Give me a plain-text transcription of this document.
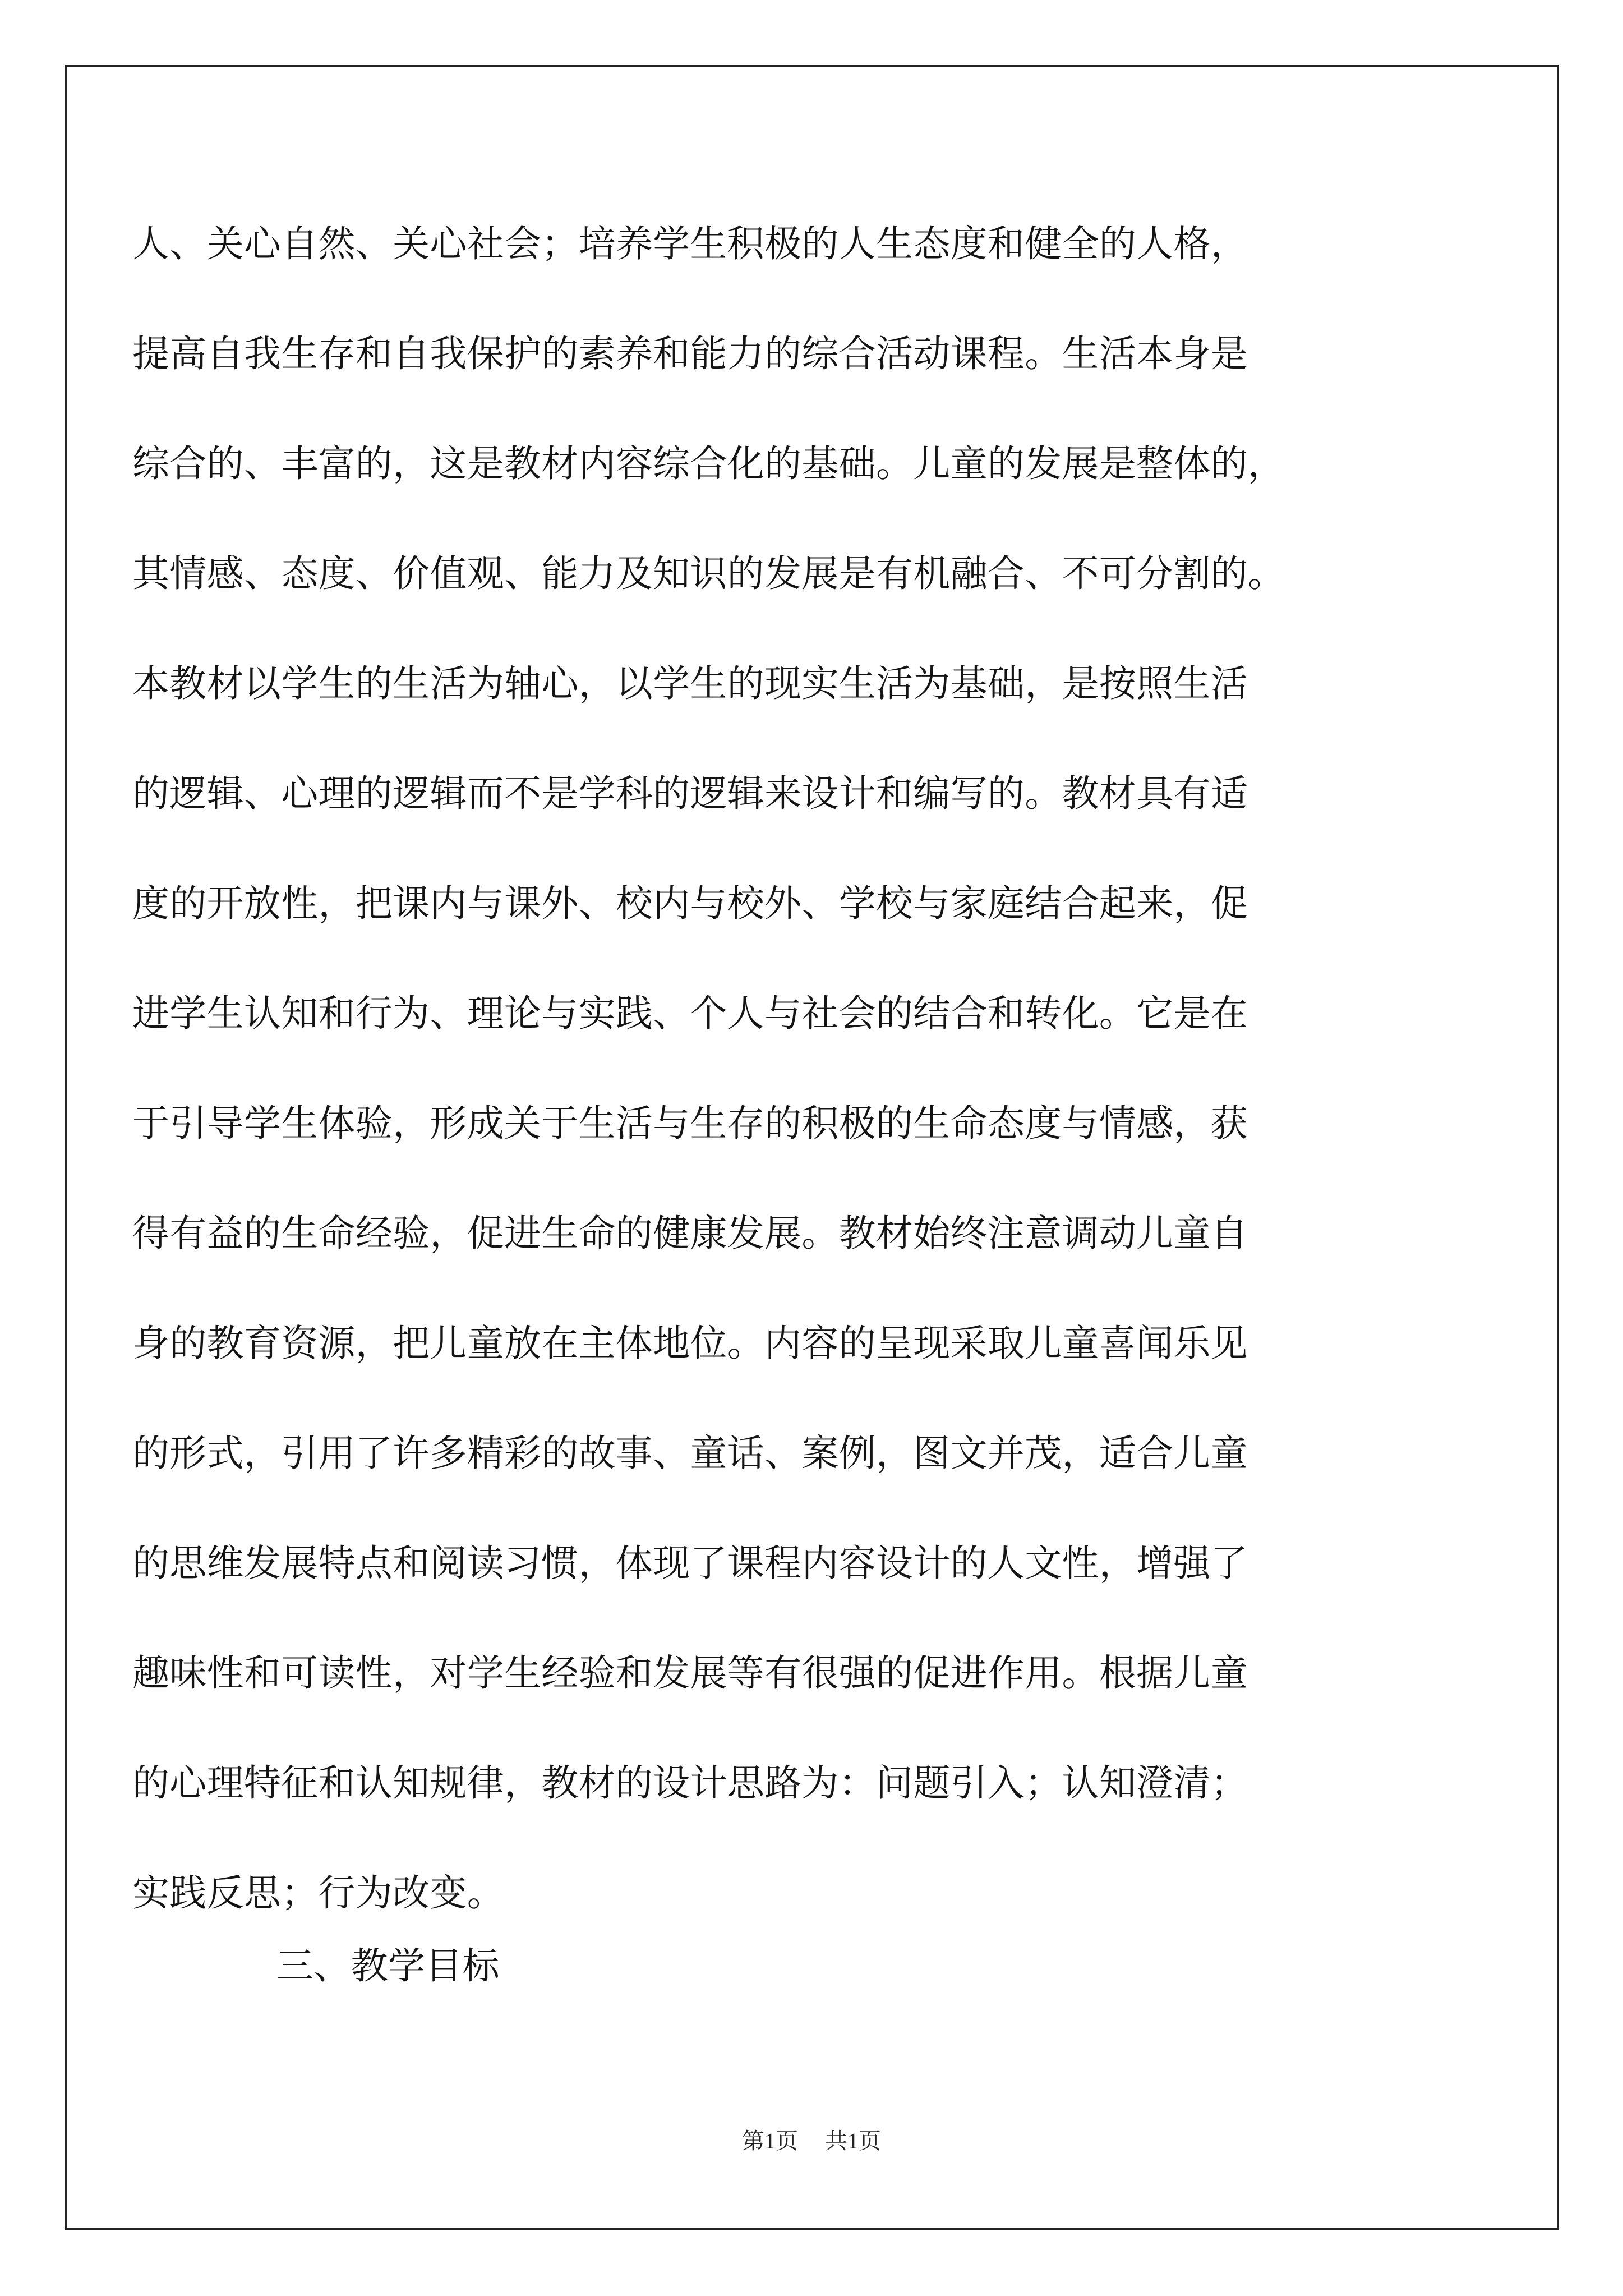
人、关心自然、关心社会；培养学生积极的人生态度和健全的人格，
提高自我生存和自我保护的素养和能力的综合活动课程。生活本身是
综合的、丰富的，这是教材内容综合化的基础。儿童的发展是整体的，
其情感、态度、价值观、能力及知识的发展是有机融合、不可分割的。
本教材以学生的生活为轴心，以学生的现实生活为基础，是按照生活
的逻辑、心理的逻辑而不是学科的逻辑来设计和编写的。教材具有适
度的开放性，把课内与课外、校内与校外、学校与家庭结合起来，促
进学生认知和行为、理论与实践、个人与社会的结合和转化。它是在
于引导学生体验，形成关于生活与生存的积极的生命态度与情感，获
得有益的生命经验，促进生命的健康发展。教材始终注意调动儿童自
身的教育资源，把儿童放在主体地位。内容的呈现采取儿童喜闻乐见
的形式，引用了许多精彩的故事、童话、案例，图文并茂，适合儿童
的思维发展特点和阅读习惯，体现了课程内容设计的人文性，增强了
趣味性和可读性，对学生经验和发展等有很强的促进作用。根据儿童
的心理特征和认知规律，教材的设计思路为：问题引入；认知澄清；
实践反思；行为改变。
三、教学目标
第1页 共1页
